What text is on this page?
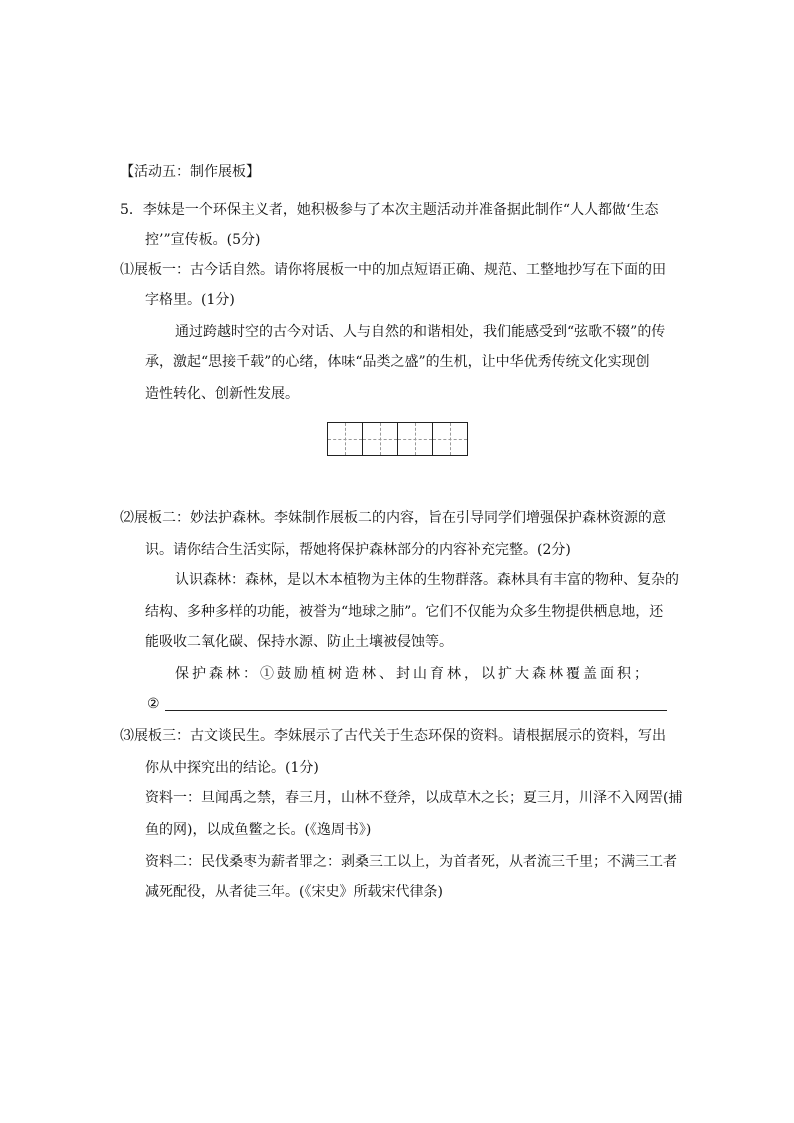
【活动五：制作展板】
5．李妹是一个环保主义者，她积极参与了本次主题活动并准备据此制作“人人都做‘生态
控’”宣传板。(5分)
⑴展板一：古今话自然。请你将展板一中的加点短语正确、规范、工整地抄写在下面的田
字格里。(1分)
通过跨越时空的古今对话、人与自然的和谐相处，我们能感受到“弦歌不辍”的传
承，激起“思接千载”的心绪，体味“品类之盛”的生机，让中华优秀传统文化实现创
造性转化、创新性发展。
⑵展板二：妙法护森林。李妹制作展板二的内容，旨在引导同学们增强保护森林资源的意
识。请你结合生活实际，帮她将保护森林部分的内容补充完整。(2分)
认识森林：森林，是以木本植物为主体的生物群落。森林具有丰富的物种、复杂的
结构、多种多样的功能，被誉为“地球之肺”。它们不仅能为众多生物提供栖息地，还
能吸收二氧化碳、保持水源、防止土壤被侵蚀等。
保护森林：①鼓励植树造林、封山育林，以扩大森林覆盖面积；
②
⑶展板三：古文谈民生。李妹展示了古代关于生态环保的资料。请根据展示的资料，写出
你从中探究出的结论。(1分)
资料一：旦闻禹之禁，春三月，山林不登斧，以成草木之长；夏三月，川泽不入网罟(捕
鱼的网)，以成鱼鳖之长。(《逸周书》)
资料二：民伐桑枣为薪者罪之：剥桑三工以上，为首者死，从者流三千里；不满三工者
减死配役，从者徒三年。(《宋史》所载宋代律条)
